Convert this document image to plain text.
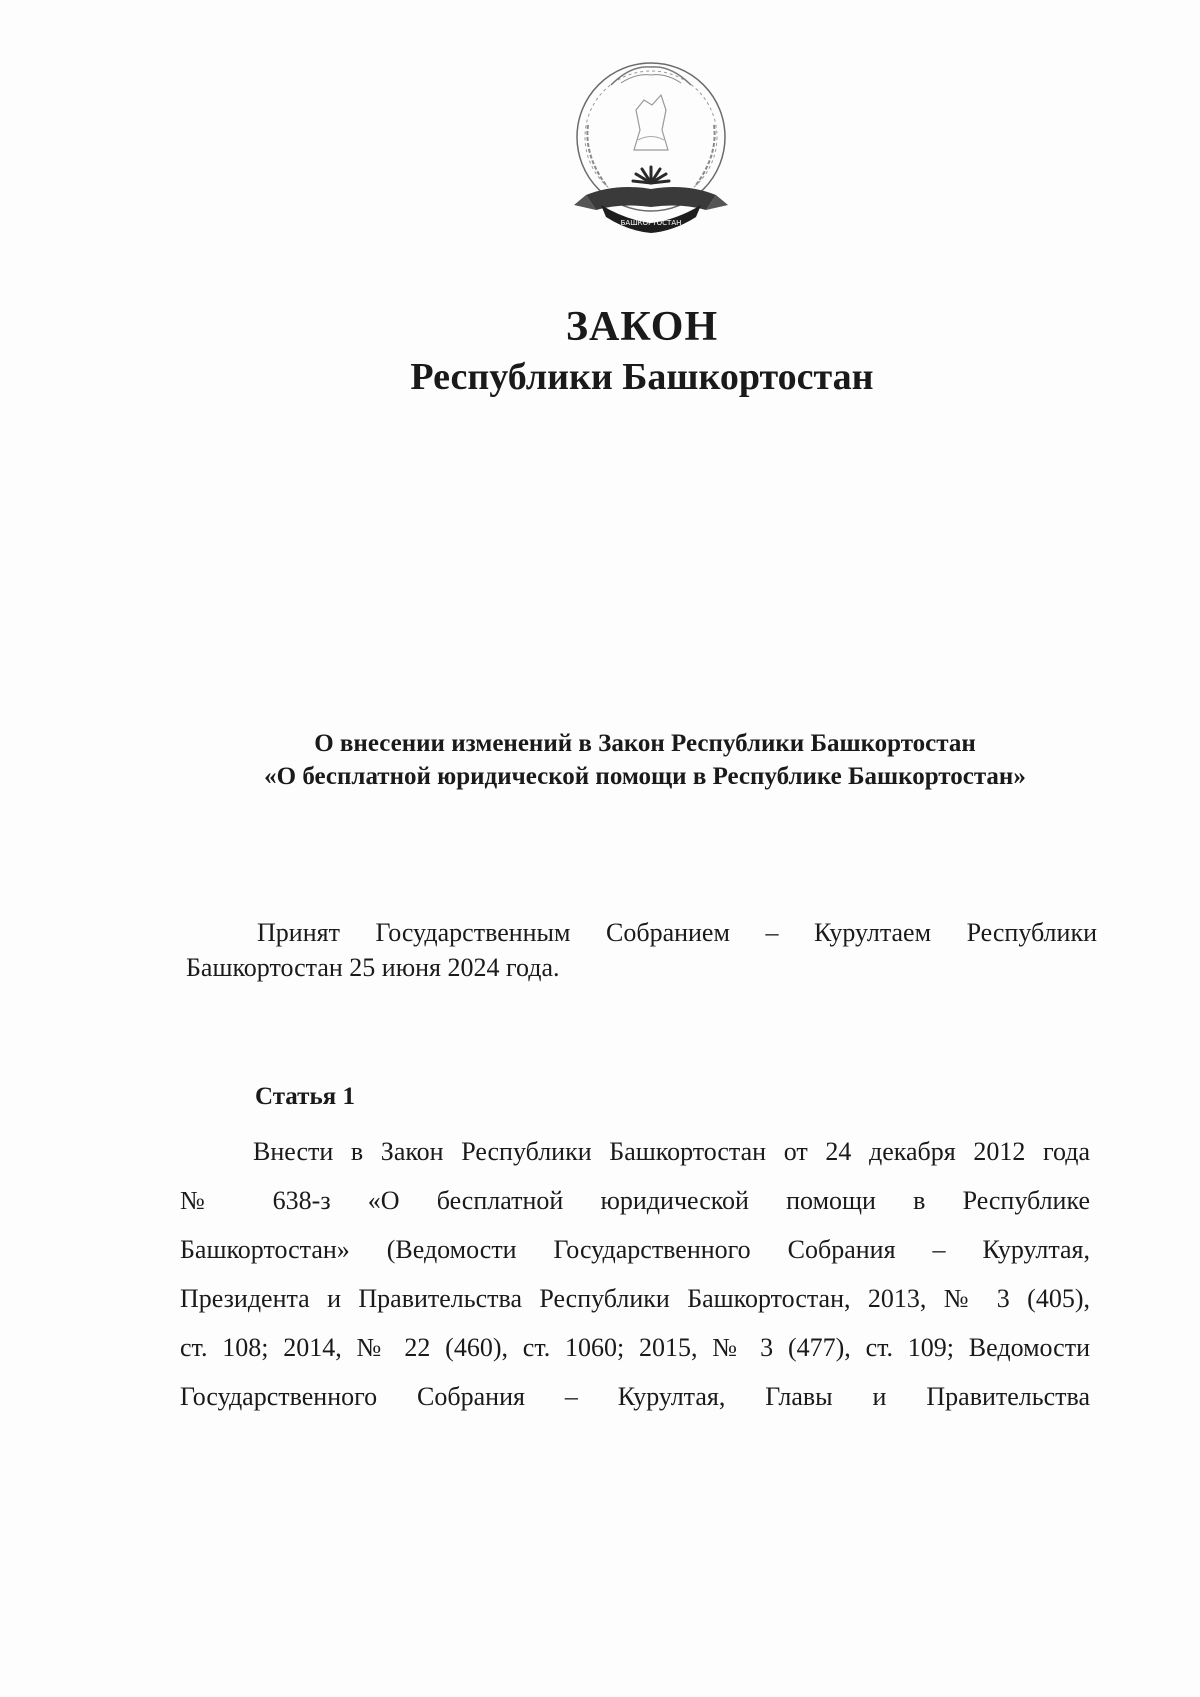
БАШКОРТОСТАН
ЗАКОН
Республики Башкортостан

О внесении изменений в Закон Республики Башкортостан

«О бесплатной юридической помощи в Республике Башкортостан»

Принят Государственным Собранием – Курултаем Республики

Башкортостан 25 июня 2024 года.

Статья 1

Внести в Закон Республики Башкортостан от 24 декабря 2012 года

№ 638-з «О бесплатной юридической помощи в Республике

Башкортостан» (Ведомости Государственного Собрания – Курултая,

Президента и Правительства Республики Башкортостан, 2013, № 3 (405),

ст. 108; 2014, № 22 (460), ст. 1060; 2015, № 3 (477), ст. 109; Ведомости

Государственного Собрания – Курултая, Главы и Правительства
